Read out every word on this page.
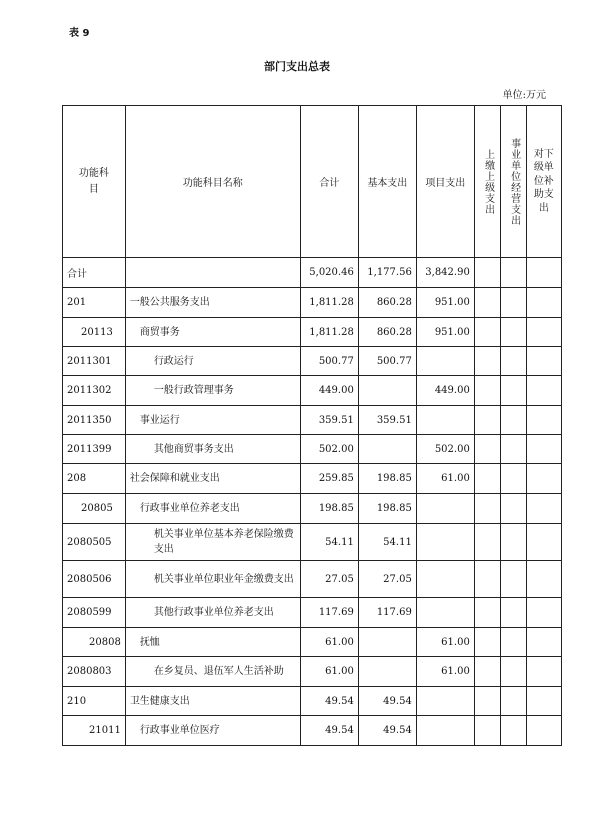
表 9
部门支出总表
单位:万元
功能科目	功能科目名称	合计	基本支出	项目支出	上缴上级支出	事业单位经营支出	对下级单位补助支出

合计		5,020.46	1,177.56	3,842.90			
201	一般公共服务支出	1,811.28	860.28	951.00			
20113	商贸事务	1,811.28	860.28	951.00			
2011301	行政运行	500.77	500.77				
2011302	一般行政管理事务	449.00		449.00			
2011350	事业运行	359.51	359.51				
2011399	其他商贸事务支出	502.00		502.00			
208	社会保障和就业支出	259.85	198.85	61.00			
20805	行政事业单位养老支出	198.85	198.85				
2080505	机关事业单位基本养老保险缴费支出	54.11	54.11				
2080506	机关事业单位职业年金缴费支出	27.05	27.05				
2080599	其他行政事业单位养老支出	117.69	117.69				
20808	抚恤	61.00		61.00			
2080803	在乡复员、退伍军人生活补助	61.00		61.00			
210	卫生健康支出	49.54	49.54				
21011	行政事业单位医疗	49.54	49.54				
